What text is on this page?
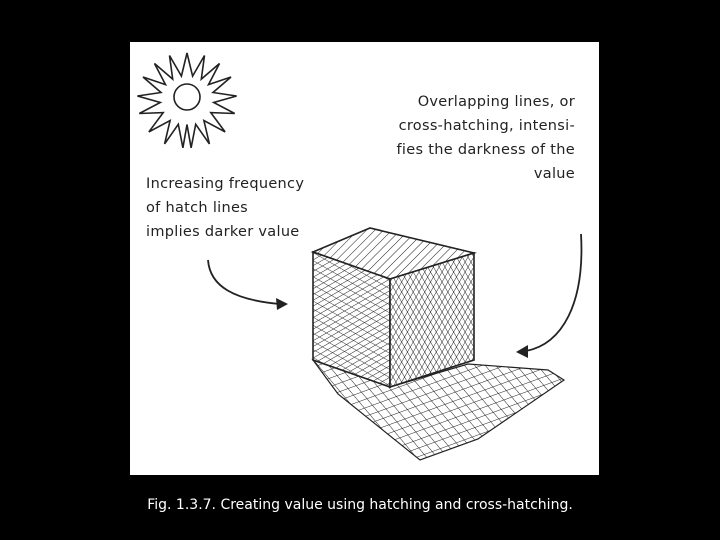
Overlapping lines, or
cross-hatching, intensi-
fies the darkness of the
value
Increasing frequency
of hatch lines
implies darker value
Fig. 1.3.7. Creating value using hatching and cross-hatching.
